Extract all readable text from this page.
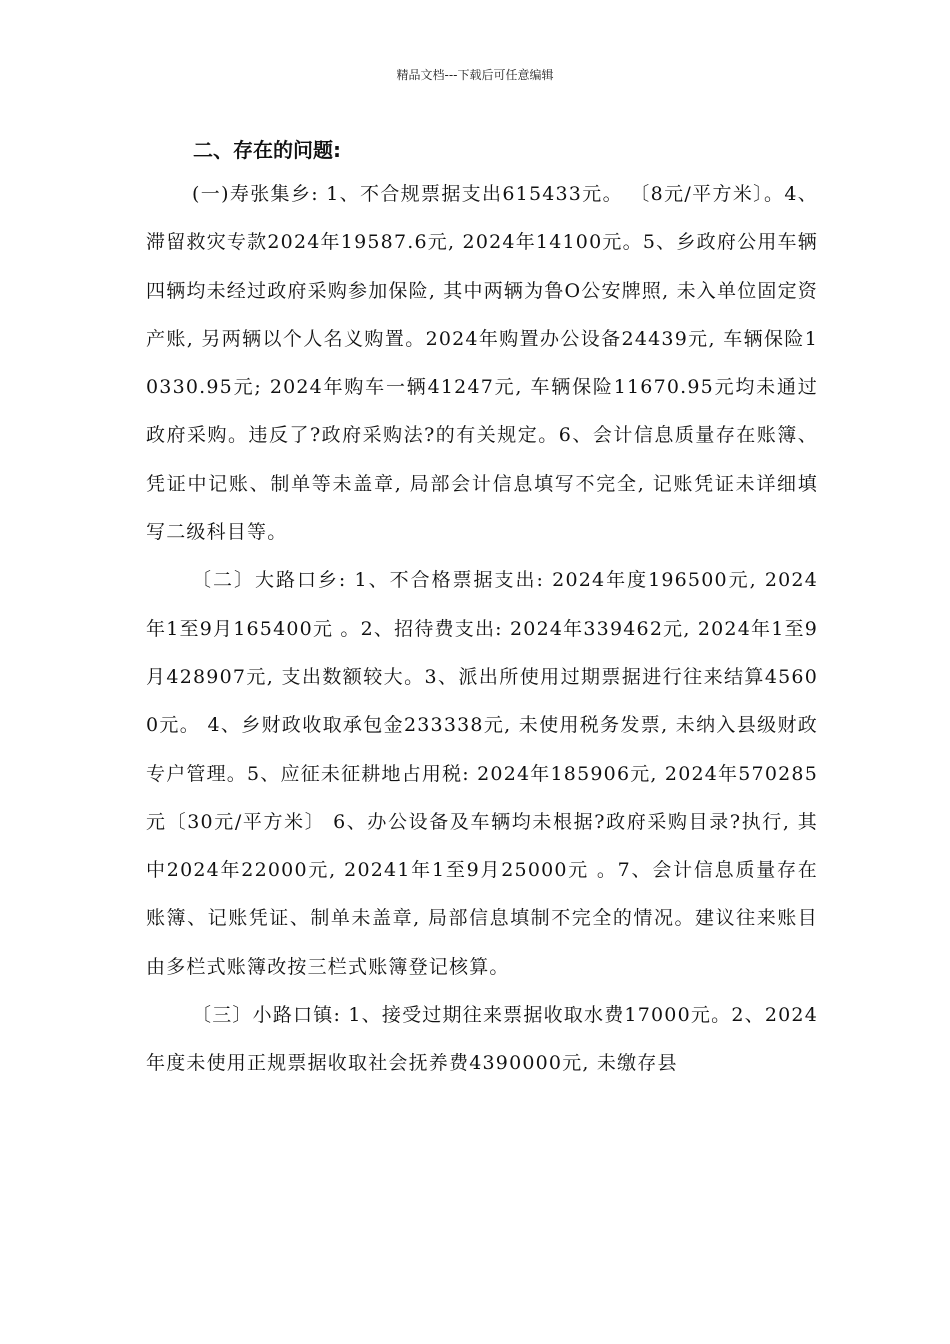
精品文档---下载后可任意编辑
二、存在的问题:

(一)寿张集乡: 1、不合规票据支出615433元。 〔8元/平方米〕。4、滞留救灾专款2024年19587.6元, 2024年14100元。5、乡政府公用车辆四辆均未经过政府采购参加保险, 其中两辆为鲁O公安牌照, 未入单位固定资产账, 另两辆以个人名义购置。2024年购置办公设备24439元, 车辆保险10330.95元; 2024年购车一辆41247元, 车辆保险11670.95元均未通过政府采购。违反了?政府采购法?的有关规定。6、会计信息质量存在账簿、凭证中记账、制单等未盖章, 局部会计信息填写不完全, 记账凭证未详细填写二级科目等。

〔二〕大路口乡: 1、不合格票据支出: 2024年度196500元, 2024年1至9月165400元 。2、招待费支出: 2024年339462元, 2024年1至9月428907元, 支出数额较大。3、派出所使用过期票据进行往来结算45600元。 4、乡财政收取承包金233338元, 未使用税务发票, 未纳入县级财政专户管理。5、应征未征耕地占用税: 2024年185906元, 2024年570285元〔30元/平方米〕 6、办公设备及车辆均未根据?政府采购目录?执行, 其中2024年22000元, 20241年1至9月25000元 。7、会计信息质量存在账簿、记账凭证、制单未盖章, 局部信息填制不完全的情况。建议往来账目由多栏式账簿改按三栏式账簿登记核算。

〔三〕小路口镇: 1、接受过期往来票据收取水费17000元。2、2024年度未使用正规票据收取社会抚养费4390000元, 未缴存县
